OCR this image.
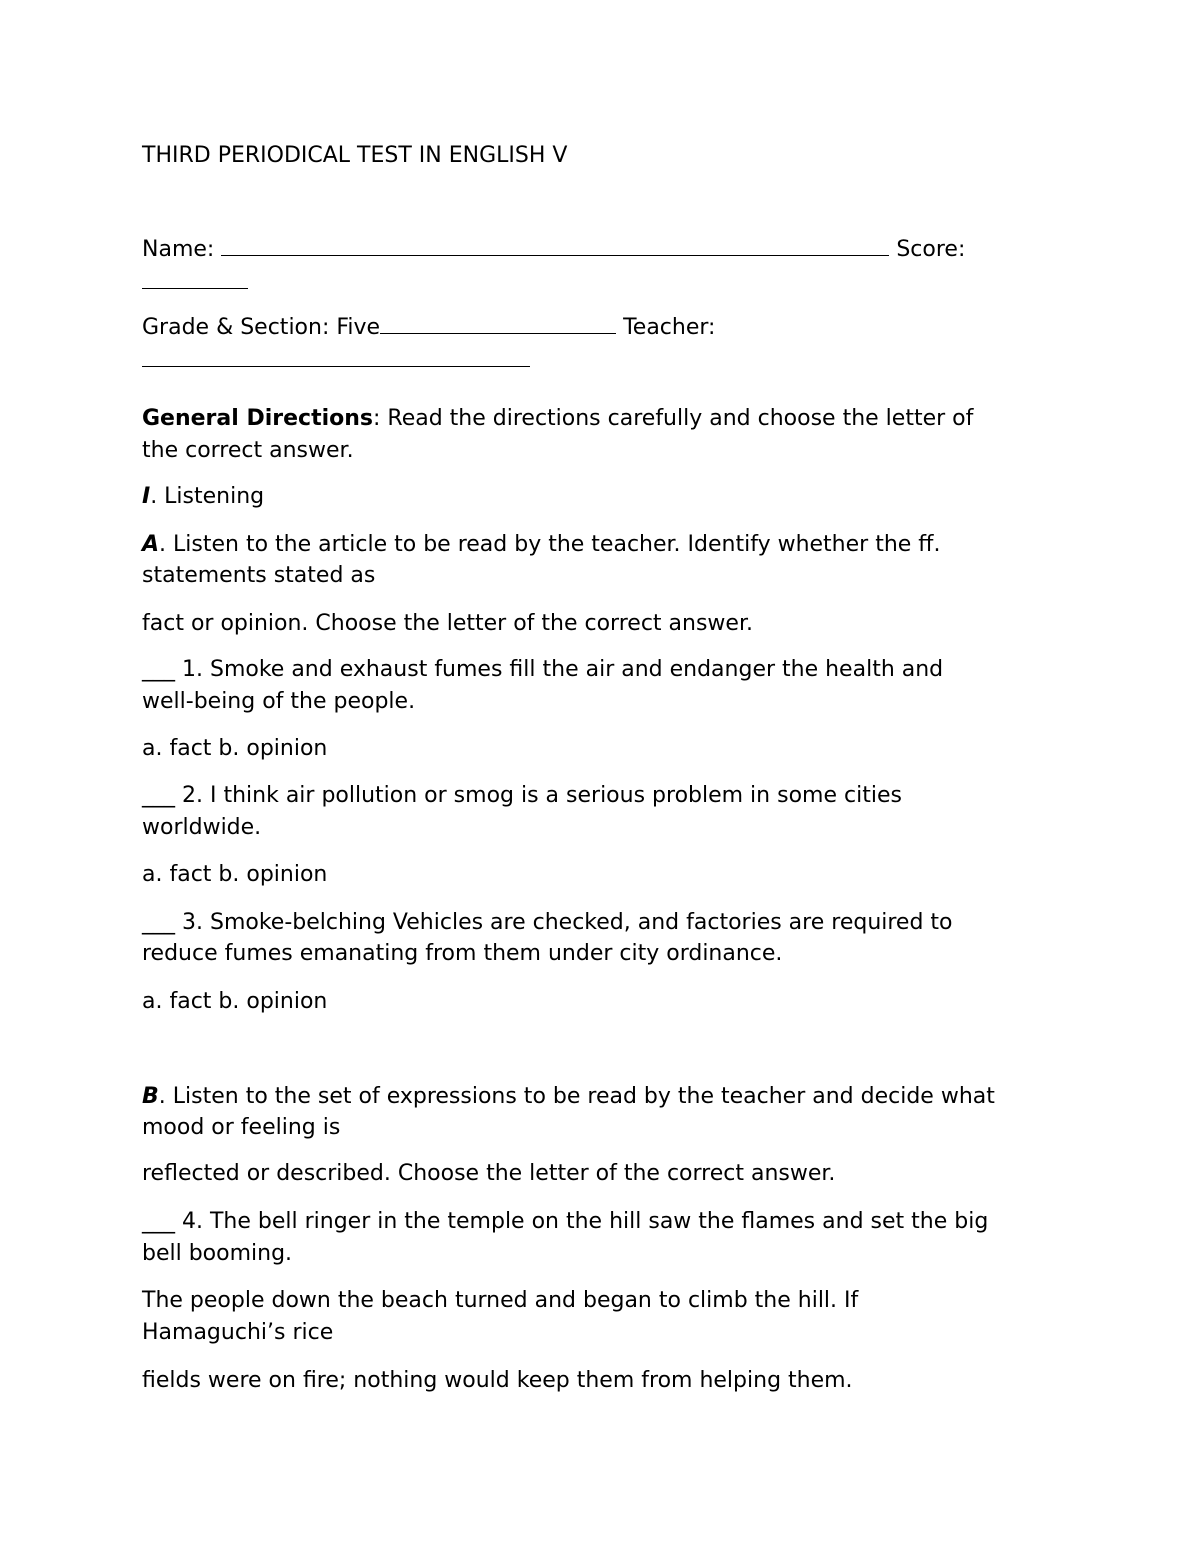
THIRD PERIODICAL TEST IN ENGLISH V
Name:	Score:
Grade & Section: Five	Teacher:
General Directions: Read the directions carefully and choose the letter of
the correct answer.
I. Listening
A. Listen to the article to be read by the teacher. Identify whether the ff.
statements stated as
fact or opinion. Choose the letter of the correct answer.
___ 1. Smoke and exhaust fumes fill the air and endanger the health and
well-being of the people.
a. fact b. opinion
___ 2. I think air pollution or smog is a serious problem in some cities
worldwide.
a. fact b. opinion
___ 3. Smoke-belching Vehicles are checked, and factories are required to
reduce fumes emanating from them under city ordinance.
a. fact b. opinion
B. Listen to the set of expressions to be read by the teacher and decide what
mood or feeling is
reflected or described. Choose the letter of the correct answer.
___ 4. The bell ringer in the temple on the hill saw the flames and set the big
bell booming.
The people down the beach turned and began to climb the hill. If
Hamaguchi’s rice
fields were on fire; nothing would keep them from helping them.
